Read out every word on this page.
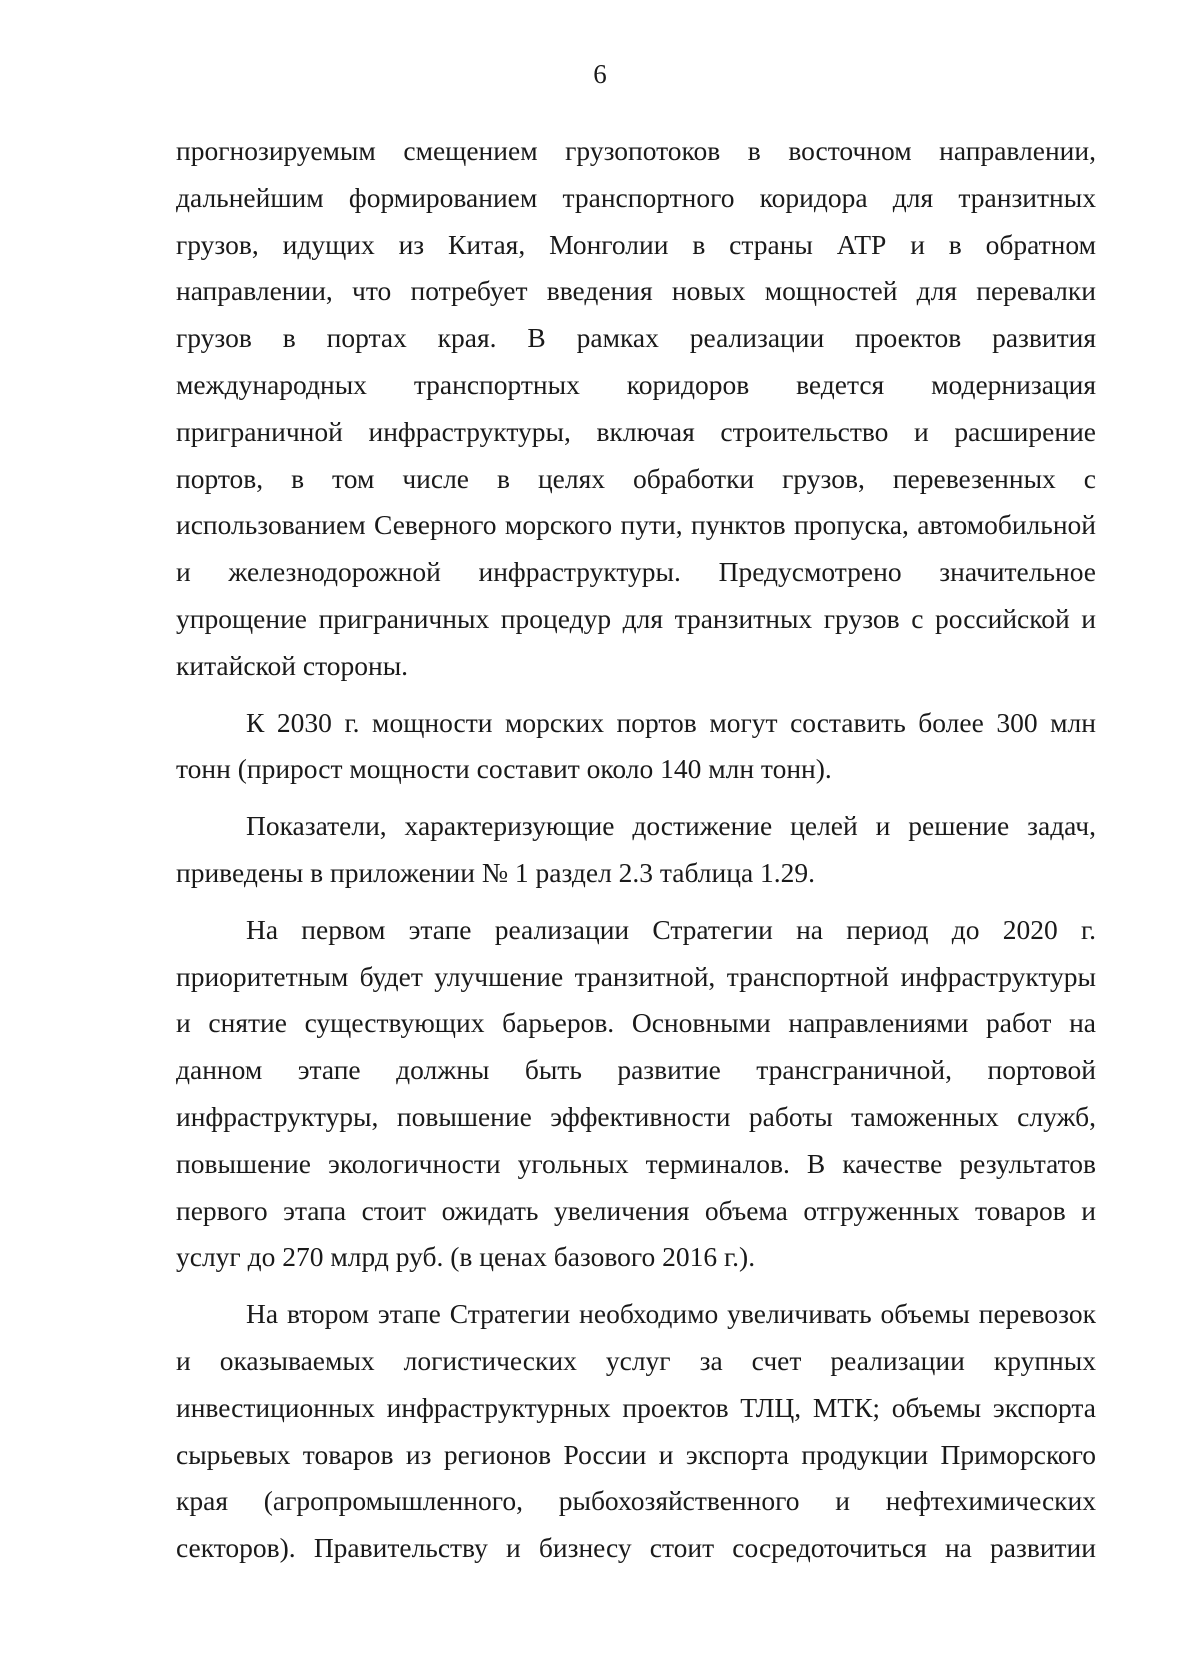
6
прогнозируемым смещением грузопотоков в восточном направлении,
дальнейшим формированием транспортного коридора для транзитных
грузов, идущих из Китая, Монголии в страны АТР и в обратном
направлении, что потребует введения новых мощностей для перевалки
грузов в портах края. В рамках реализации проектов развития
международных транспортных коридоров ведется модернизация
приграничной инфраструктуры, включая строительство и расширение
портов, в том числе в целях обработки грузов, перевезенных с
использованием Северного морского пути, пунктов пропуска, автомобильной
и железнодорожной инфраструктуры. Предусмотрено значительное
упрощение приграничных процедур для транзитных грузов с российской и
китайской стороны.
К 2030 г. мощности морских портов могут составить более 300 млн
тонн (прирост мощности составит около 140 млн тонн).
Показатели, характеризующие достижение целей и решение задач,
приведены в приложении № 1 раздел 2.3 таблица 1.29.
На первом этапе реализации Стратегии на период до 2020 г.
приоритетным будет улучшение транзитной, транспортной инфраструктуры
и снятие существующих барьеров. Основными направлениями работ на
данном этапе должны быть развитие трансграничной, портовой
инфраструктуры, повышение эффективности работы таможенных служб,
повышение экологичности угольных терминалов. В качестве результатов
первого этапа стоит ожидать увеличения объема отгруженных товаров и
услуг до 270 млрд руб. (в ценах базового 2016 г.).
На втором этапе Стратегии необходимо увеличивать объемы перевозок
и оказываемых логистических услуг за счет реализации крупных
инвестиционных инфраструктурных проектов ТЛЦ, МТК; объемы экспорта
сырьевых товаров из регионов России и экспорта продукции Приморского
края (агропромышленного, рыбохозяйственного и нефтехимических
секторов). Правительству и бизнесу стоит сосредоточиться на развитии
